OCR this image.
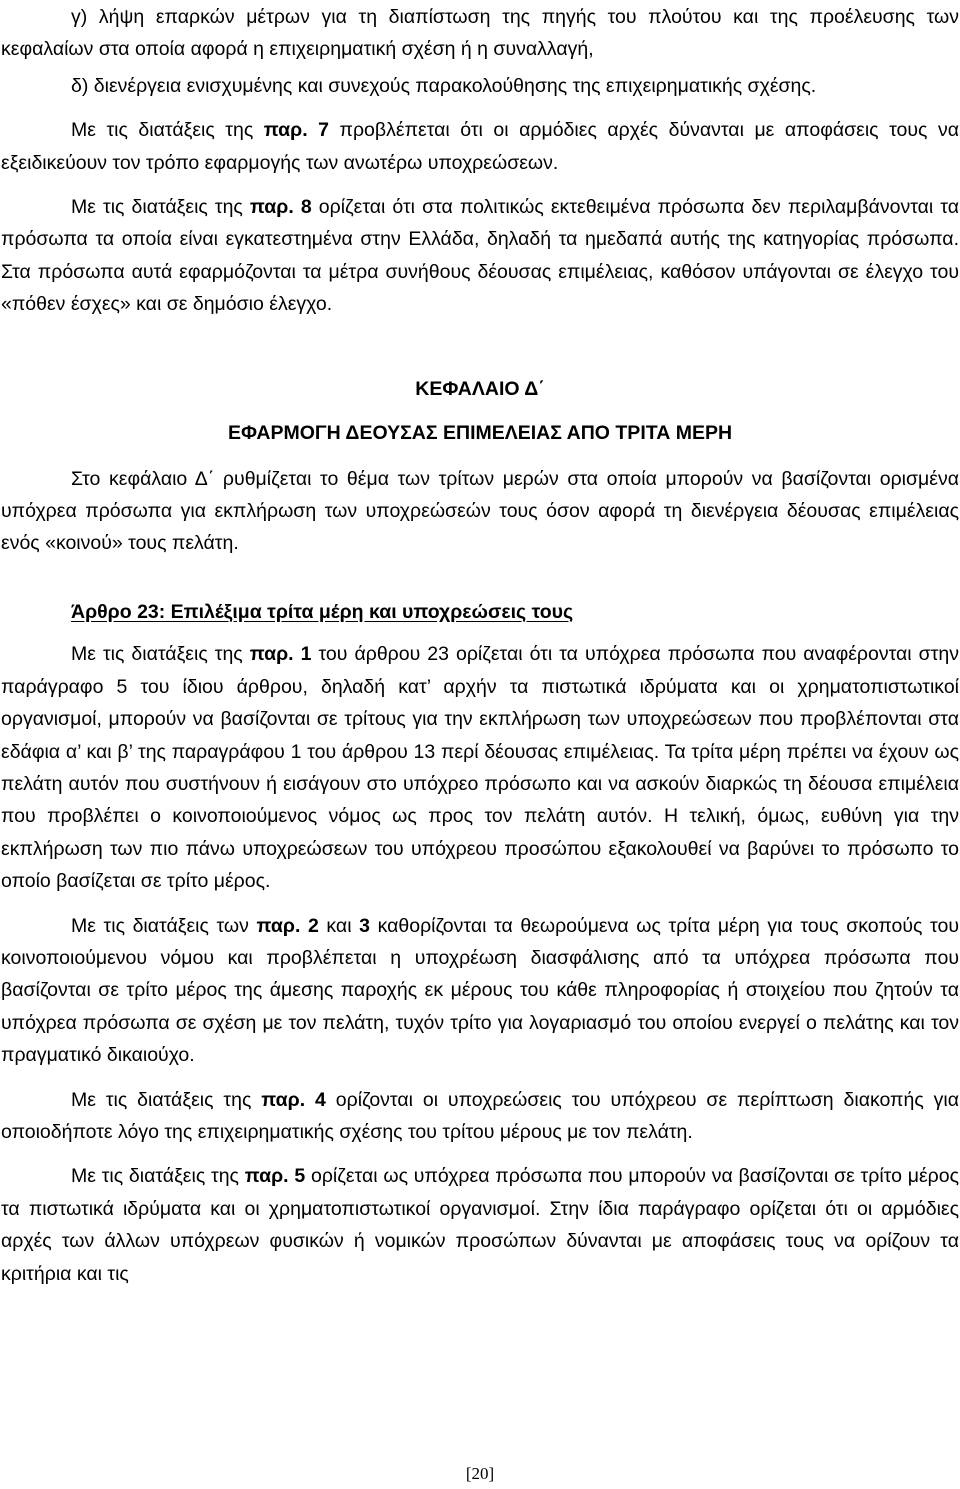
γ) λήψη επαρκών μέτρων για τη διαπίστωση της πηγής του πλούτου και της προέλευσης των κεφαλαίων στα οποία αφορά η επιχειρηματική σχέση ή η συναλλαγή,

δ) διενέργεια ενισχυμένης και συνεχούς παρακολούθησης της επιχειρηματικής σχέσης.

Με τις διατάξεις της παρ. 7 προβλέπεται ότι οι αρμόδιες αρχές δύνανται με αποφάσεις τους να εξειδικεύουν τον τρόπο εφαρμογής των ανωτέρω υποχρεώσεων.

Με τις διατάξεις της παρ. 8 ορίζεται ότι στα πολιτικώς εκτεθειμένα πρόσωπα δεν περιλαμβάνονται τα πρόσωπα τα οποία είναι εγκατεστημένα στην Ελλάδα, δηλαδή τα ημεδαπά αυτής της κατηγορίας πρόσωπα. Στα πρόσωπα αυτά εφαρμόζονται τα μέτρα συνήθους δέουσας επιμέλειας, καθόσον υπάγονται σε έλεγχο του «πόθεν έσχες» και σε δημόσιο έλεγχο.

ΚΕΦΑΛΑΙΟ Δ΄
ΕΦΑΡΜΟΓΗ ΔΕΟΥΣΑΣ ΕΠΙΜΕΛΕΙΑΣ ΑΠΟ ΤΡΙΤΑ ΜΕΡΗ

Στο κεφάλαιο Δ΄ ρυθμίζεται το θέμα των τρίτων μερών στα οποία μπορούν να βασίζονται ορισμένα υπόχρεα πρόσωπα για εκπλήρωση των υποχρεώσεών τους όσον αφορά τη διενέργεια δέουσας επιμέλειας ενός «κοινού» τους πελάτη.

Άρθρο 23: Επιλέξιμα τρίτα μέρη και υποχρεώσεις τους

Με τις διατάξεις της παρ. 1 του άρθρου 23 ορίζεται ότι τα υπόχρεα πρόσωπα που αναφέρονται στην παράγραφο 5 του ίδιου άρθρου, δηλαδή κατ’ αρχήν τα πιστωτικά ιδρύματα και οι χρηματοπιστωτικοί οργανισμοί, μπορούν να βασίζονται σε τρίτους για την εκπλήρωση των υποχρεώσεων που προβλέπονται στα εδάφια α’ και β’ της παραγράφου 1 του άρθρου 13 περί δέουσας επιμέλειας. Τα τρίτα μέρη πρέπει να έχουν ως πελάτη αυτόν που συστήνουν ή εισάγουν στο υπόχρεο πρόσωπο και να ασκούν διαρκώς τη δέουσα επιμέλεια που προβλέπει ο κοινοποιούμενος νόμος ως προς τον πελάτη αυτόν. Η τελική, όμως, ευθύνη για την εκπλήρωση των πιο πάνω υποχρεώσεων του υπόχρεου προσώπου εξακολουθεί να βαρύνει το πρόσωπο το οποίο βασίζεται σε τρίτο μέρος.

Με τις διατάξεις των παρ. 2 και 3 καθορίζονται τα θεωρούμενα ως τρίτα μέρη για τους σκοπούς του κοινοποιούμενου νόμου και προβλέπεται η υποχρέωση διασφάλισης από τα υπόχρεα πρόσωπα που βασίζονται σε τρίτο μέρος της άμεσης παροχής εκ μέρους του κάθε πληροφορίας ή στοιχείου που ζητούν τα υπόχρεα πρόσωπα σε σχέση με τον πελάτη, τυχόν τρίτο για λογαριασμό του οποίου ενεργεί ο πελάτης και τον πραγματικό δικαιούχο.

Με τις διατάξεις της παρ. 4 ορίζονται οι υποχρεώσεις του υπόχρεου σε περίπτωση διακοπής για οποιοδήποτε λόγο της επιχειρηματικής σχέσης του τρίτου μέρους με τον πελάτη.

Με τις διατάξεις της παρ. 5 ορίζεται ως υπόχρεα πρόσωπα που μπορούν να βασίζονται σε τρίτο μέρος τα πιστωτικά ιδρύματα και οι χρηματοπιστωτικοί οργανισμοί. Στην ίδια παράγραφο ορίζεται ότι οι αρμόδιες αρχές των άλλων υπόχρεων φυσικών ή νομικών προσώπων δύνανται με αποφάσεις τους να ορίζουν τα κριτήρια και τις

[20]
